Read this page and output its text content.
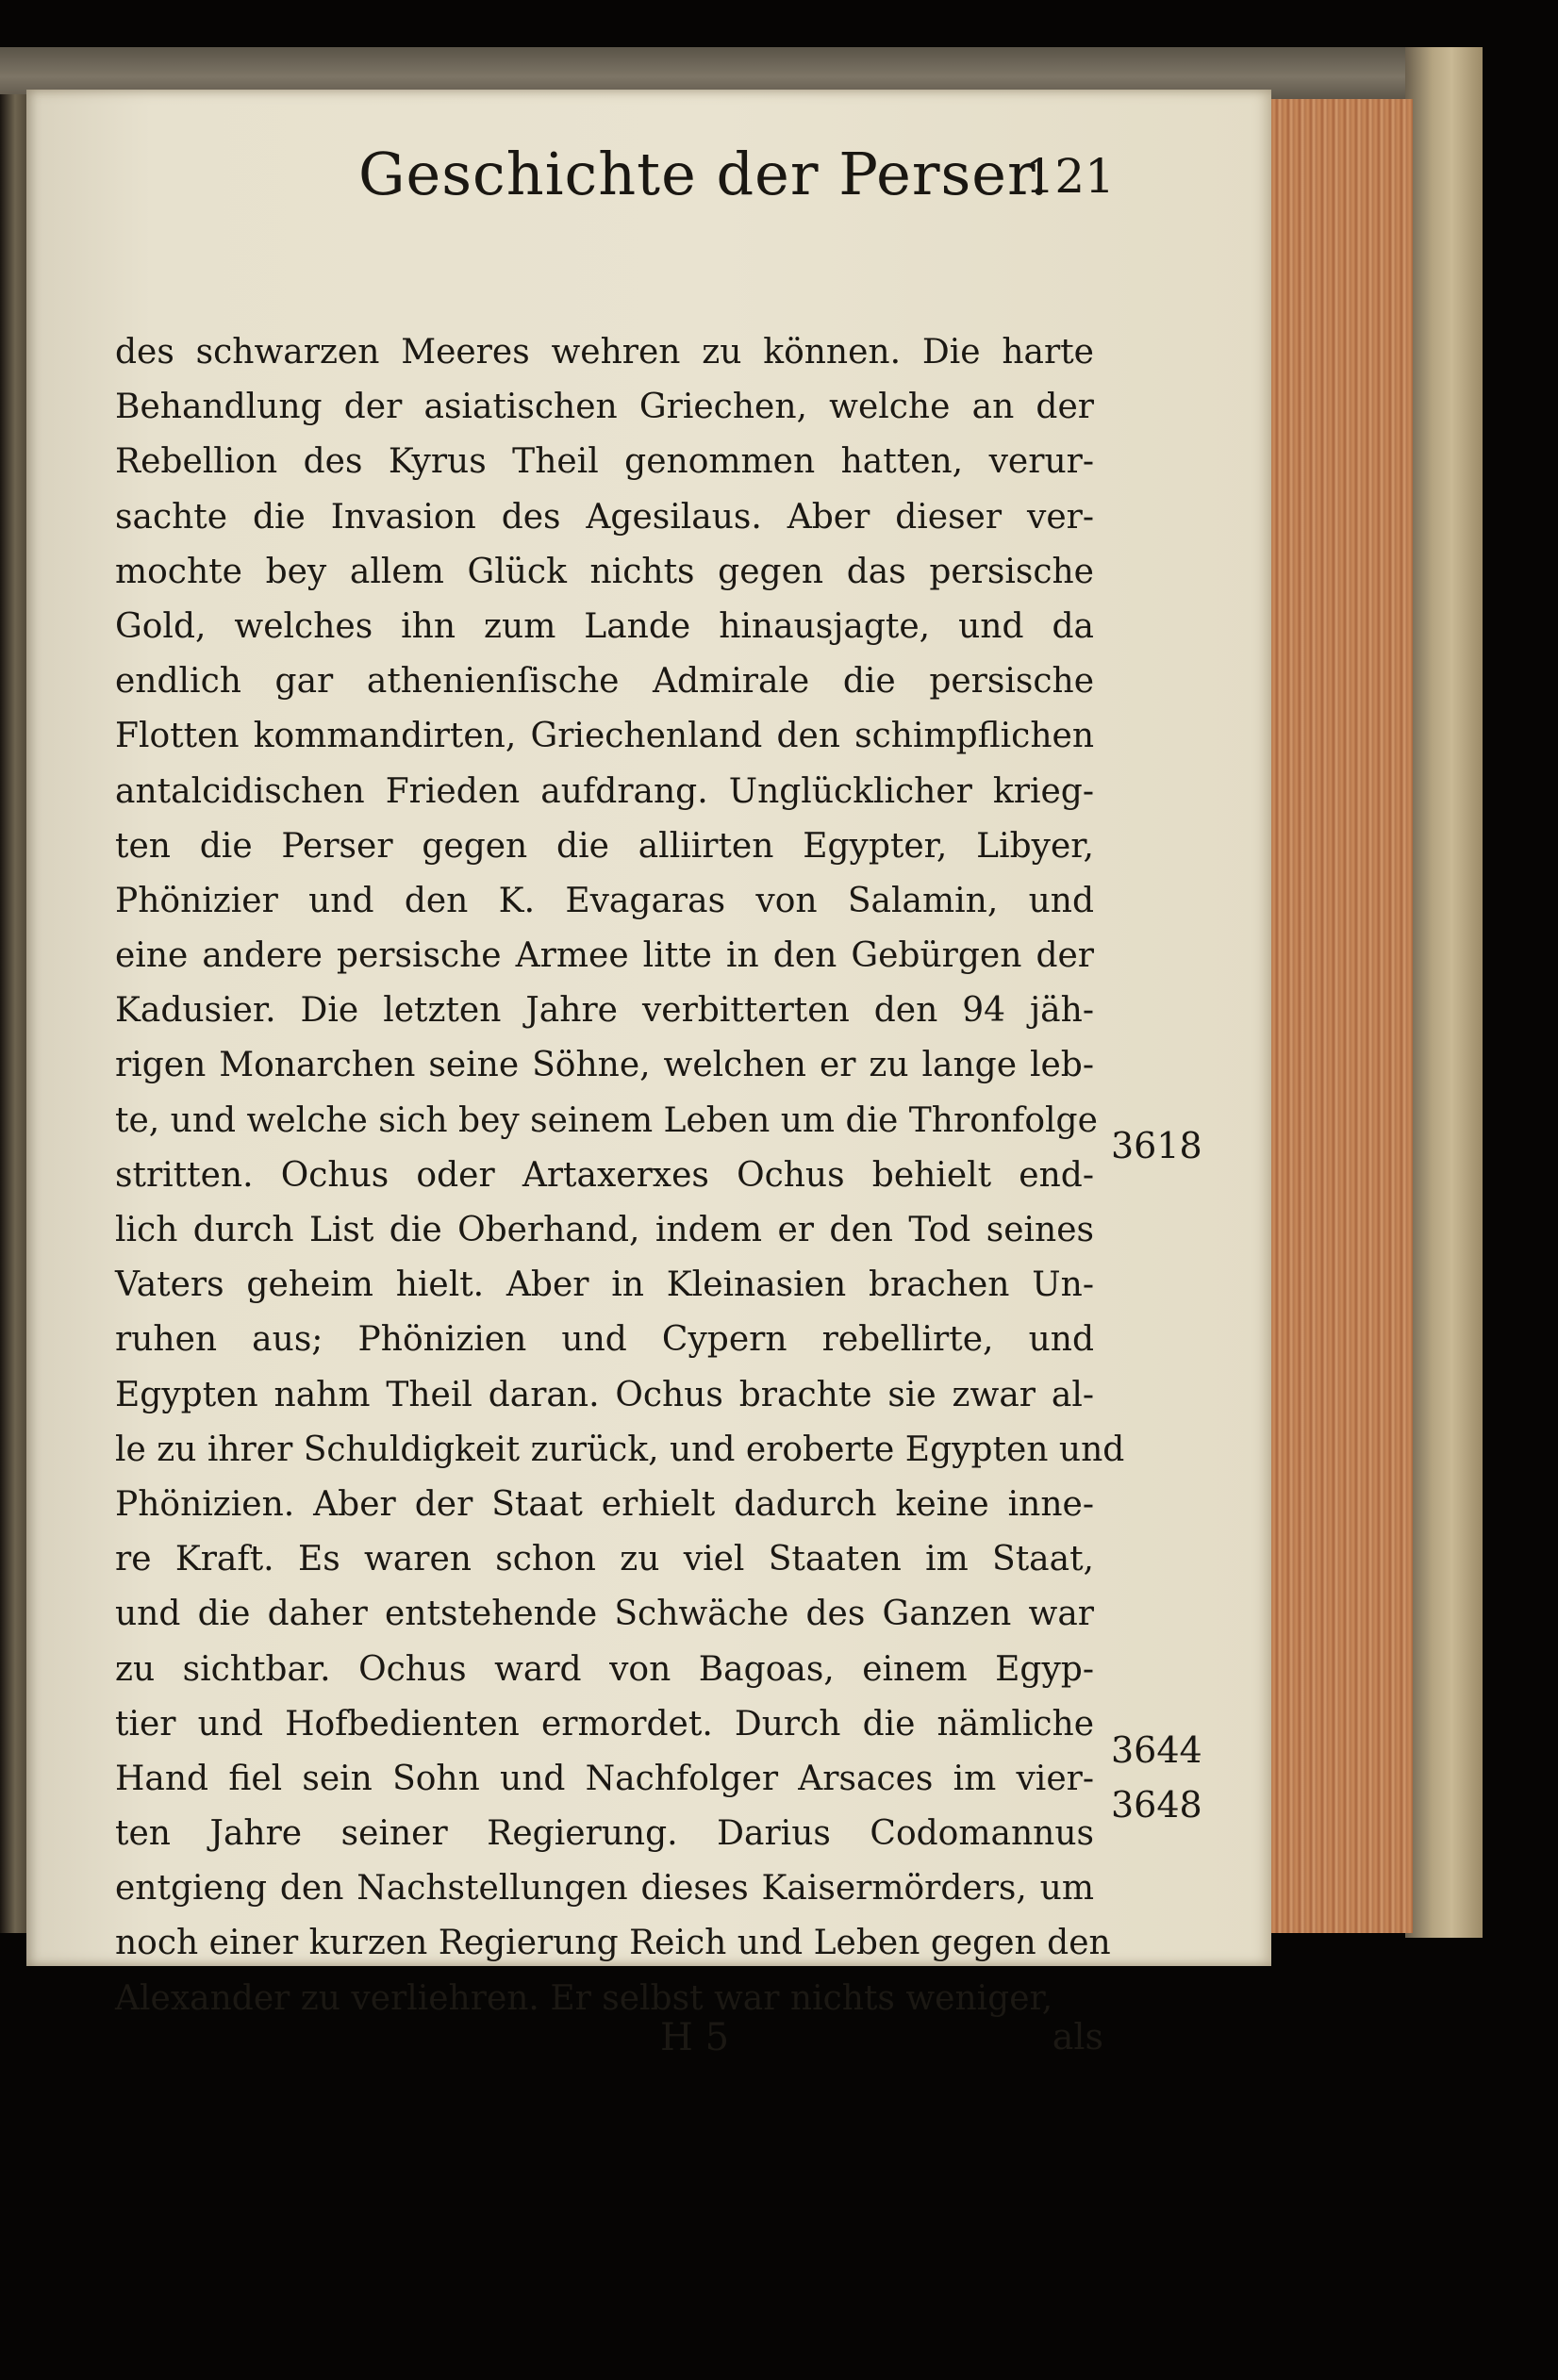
Geschichte der Perser.
121
des schwarzen Meeres wehren zu können. Die harte
Behandlung der asiatischen Griechen, welche an der
Rebellion des Kyrus Theil genommen hatten, verur-
sachte die Invasion des Agesilaus. Aber dieser ver-
mochte bey allem Glück nichts gegen das persische
Gold, welches ihn zum Lande hinausjagte, und da
endlich gar athenienſische Admirale die persische
Flotten kommandirten, Griechenland den schimpflichen
antalcidischen Frieden aufdrang. Unglücklicher krieg-
ten die Perser gegen die alliirten Egypter, Libyer,
Phönizier und den K. Evagaras von Salamin, und
eine andere persische Armee litte in den Gebürgen der
Kadusier. Die letzten Jahre verbitterten den 94 jäh-
rigen Monarchen seine Söhne, welchen er zu lange leb-
te, und welche sich bey seinem Leben um die Thronfolge
stritten. Ochus oder Artaxerxes Ochus behielt end-
lich durch List die Oberhand, indem er den Tod seines
Vaters geheim hielt. Aber in Kleinasien brachen Un-
ruhen aus; Phönizien und Cypern rebellirte, und
Egypten nahm Theil daran. Ochus brachte sie zwar al-
le zu ihrer Schuldigkeit zurück, und eroberte Egypten und
Phönizien. Aber der Staat erhielt dadurch keine inne-
re Kraft. Es waren schon zu viel Staaten im Staat,
und die daher entstehende Schwäche des Ganzen war
zu sichtbar. Ochus ward von Bagoas, einem Egyp-
tier und Hofbedienten ermordet. Durch die nämliche
Hand fiel sein Sohn und Nachfolger Arsaces im vier-
ten Jahre seiner Regierung. Darius Codomannus
entgieng den Nachstellungen dieses Kaisermörders, um
noch einer kurzen Regierung Reich und Leben gegen den
Alexander zu verliehren. Er selbst war nichts weniger,
3618
3644
3648
H 5	als
